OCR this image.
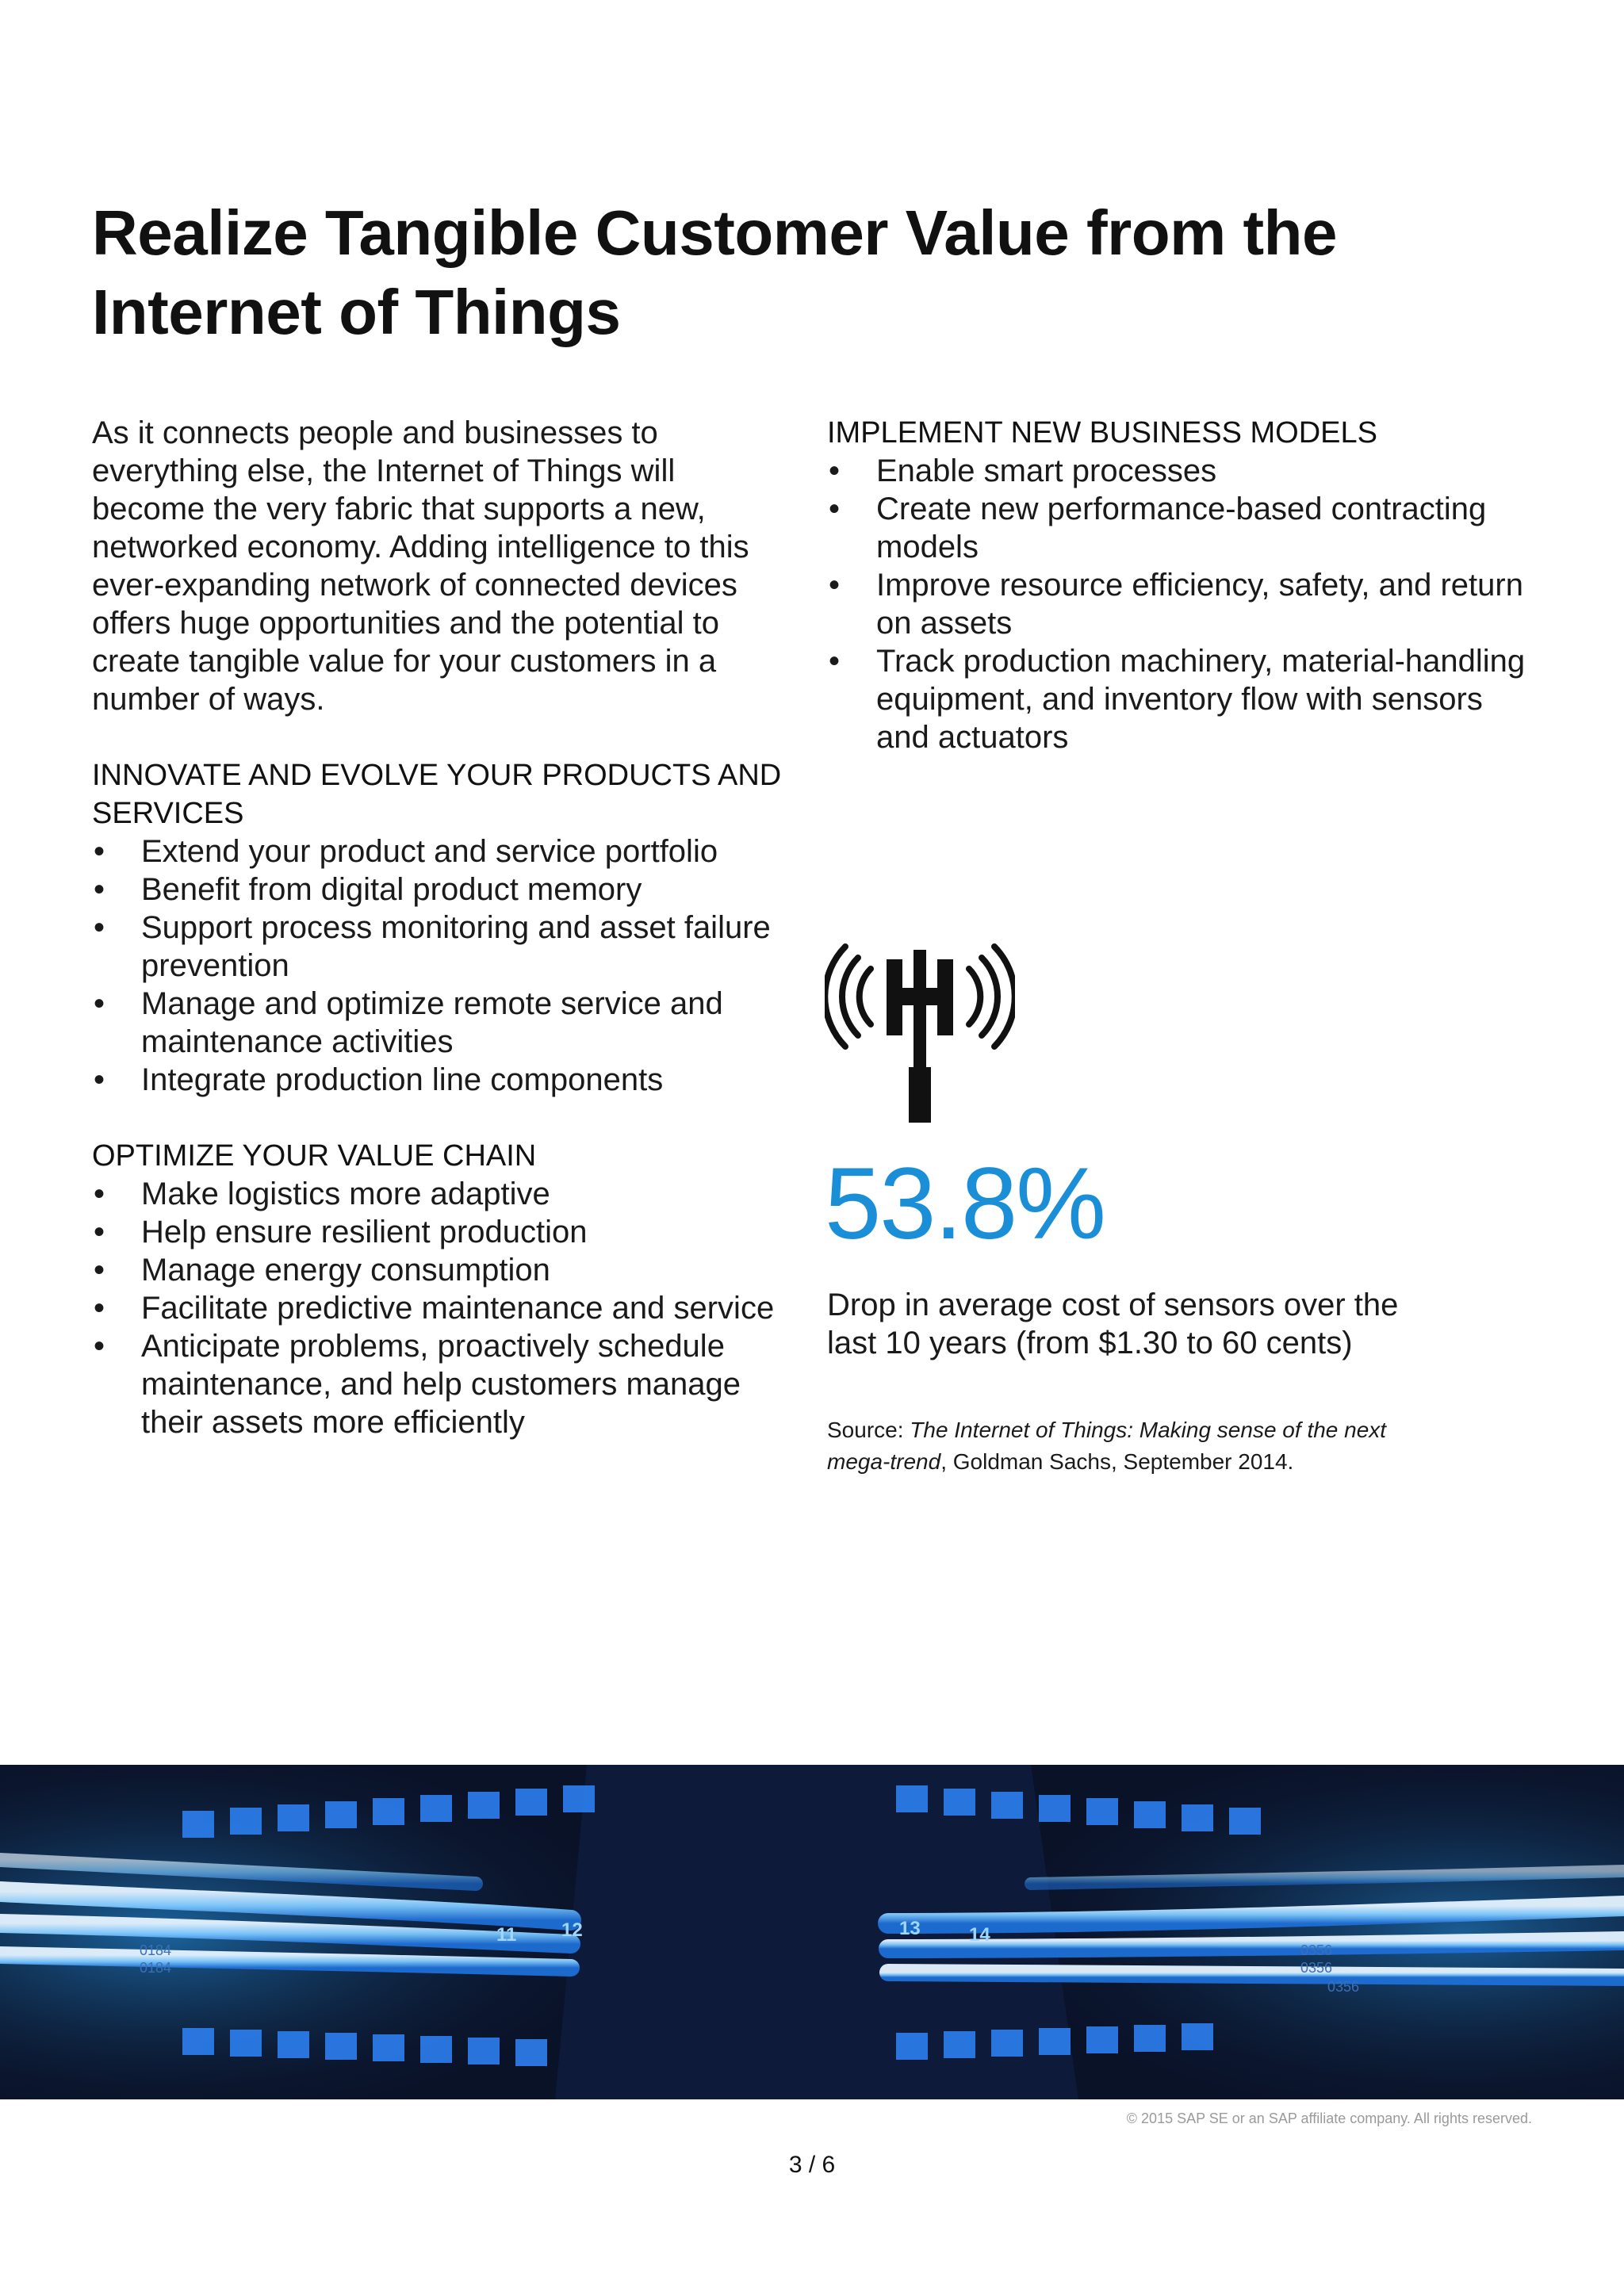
Realize Tangible Customer Value from the Internet of Things

As it connects people and businesses to everything else, the Internet of Things will become the very fabric that supports a new, networked economy. Adding intelligence to this ever-expanding network of connected devices offers huge opportunities and the potential to create tangible value for your customers in a number of ways.

INNOVATE AND EVOLVE YOUR PRODUCTS AND SERVICES
• Extend your product and service portfolio
• Benefit from digital product memory
• Support process monitoring and asset failure prevention
• Manage and optimize remote service and maintenance activities
• Integrate production line components
OPTIMIZE YOUR VALUE CHAIN
• Make logistics more adaptive
• Help ensure resilient production
• Manage energy consumption
• Facilitate predictive maintenance and service
• Anticipate problems, proactively schedule maintenance, and help customers manage their assets more efficiently
IMPLEMENT NEW BUSINESS MODELS
• Enable smart processes
• Create new performance-based contracting models
• Improve resource efficiency, safety, and return on assets
• Track production machinery, material-handling equipment, and inventory flow with sensors and actuators

53.8%

Drop in average cost of sensors over the last 10 years (from $1.30 to 60 cents)

Source: The Internet of Things: Making sense of the next mega-trend, Goldman Sachs, September 2014.

11 12	13	14
0356
0356
0184
0184
0356

© 2015 SAP SE or an SAP affiliate company. All rights reserved.

3 / 6
